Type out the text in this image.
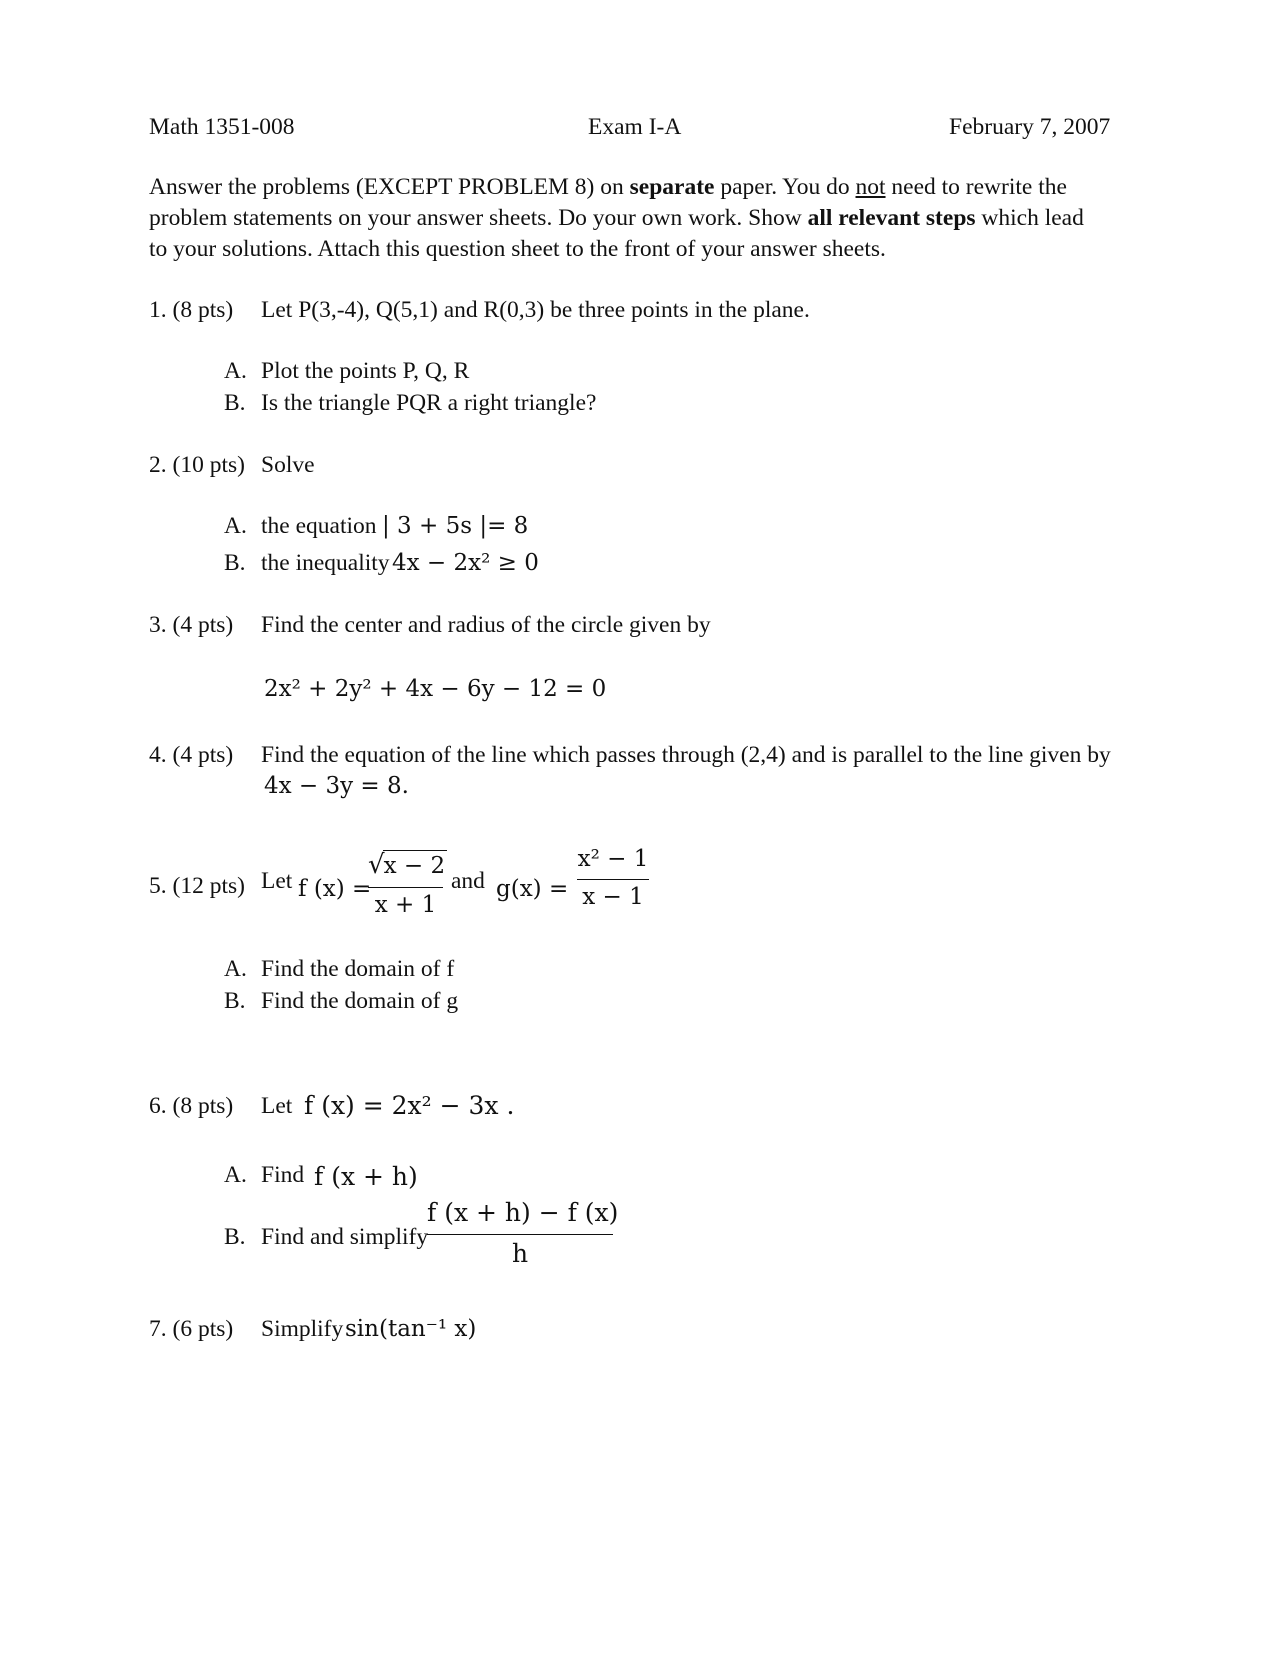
Math 1351-008	Exam I-A	February 7, 2007
Answer the problems (EXCEPT PROBLEM 8) on separate paper. You do not need to rewrite the
problem statements on your answer sheets. Do your own work. Show all relevant steps which lead
to your solutions. Attach this question sheet to the front of your answer sheets.
1. (8 pts) Let P(3,-4), Q(5,1) and R(0,3) be three points in the plane.
A. Plot the points P, Q, R
B. Is the triangle PQR a right triangle?
2. (10 pts) Solve
A. the equation | 3 + 5s |= 8
B. the inequality 4x − 2x² ≥ 0
3. (4 pts) Find the center and radius of the circle given by
2x² + 2y² + 4x − 6y − 12 = 0
4. (4 pts) Find the equation of the line which passes through (2,4) and is parallel to the line given by
4x − 3y = 8.
5. (12 pts) Let f (x) =
√x − 2
x + 1
and g(x) =
x² − 1
x − 1
A. Find the domain of f
B. Find the domain of g
6. (8 pts) Let f (x) = 2x² − 3x .
A. Find f (x + h)
B. Find and simplify
f (x + h) − f (x)
h
7. (6 pts) Simplify sin(tan⁻¹ x)
